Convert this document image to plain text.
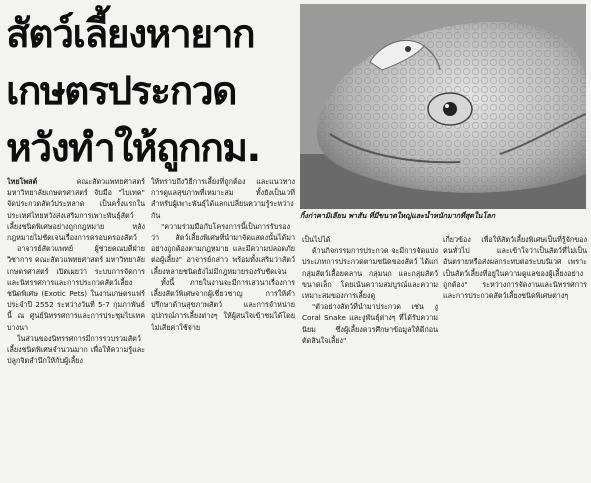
สัตว์เลี้ยงหายาก
เกษตรประกวด
หวังทำให้ถูกกม.

กิ้งก่าคามิเลียน พาสัน ที่มีขนาดใหญ่และน้ำหนักมากที่สุดในโลก

ไทยโพสต์	คณะสัตวแพทยศาสตร์ มหาวิทยาลัยเกษตรศาสตร์ จับมือ "ไบเทค" จัดประกวดสัตว์ประหลาด เป็นครั้งแรกในประเทศไทยหวังส่งเสริมการเพาะพันธุ์สัตว์เลี้ยงชนิดพิเศษอย่างถูกกฎหมาย หลังกฎหมายไม่ชัดเจนเรื่องการครอบครองสัตว์

อาจารย์สัตวแพทย์ ผู้ช่วยคณบดีฝ่ายวิชาการ คณะสัตวแพทยศาสตร์ มหาวิทยาลัยเกษตรศาสตร์ เปิดเผยว่า ระบบการจัดการและนิทรรศการและการประกวดสัตว์เลี้ยงชนิดพิเศษ (Exotic Pets) ในงานเกษตรแฟร์ประจำปี 2552 ระหว่างวันที่ 5-7 กุมภาพันธ์นี้ ณ ศูนย์นิทรรศการและการประชุมไบเทค บางนา

ในส่วนของนิทรรศการมีการรวบรวมสัตว์เลี้ยงชนิดพิเศษจำนวนมาก เพื่อให้ความรู้และปลูกจิตสำนึกให้กับผู้เลี้ยง

ให้ทราบถึงวิธีการเลี้ยงที่ถูกต้อง และแนวทางการดูแลสุขภาพที่เหมาะสม ทั้งยังเป็นเวทีสำหรับผู้เพาะพันธุ์ได้แลกเปลี่ยนความรู้ระหว่างกัน

"ความร่วมมือกับโครงการนี้เป็นการรับรองว่า สัตว์เลี้ยงพิเศษที่นำมาจัดแสดงนั้นได้มาอย่างถูกต้องตามกฎหมาย และมีความปลอดภัยต่อผู้เลี้ยง" อาจารย์กล่าว พร้อมทั้งเสริมว่าสัตว์เลี้ยงหลายชนิดยังไม่มีกฎหมายรองรับชัดเจน

ทั้งนี้ ภายในงานจะมีการเสวนาเรื่องการเลี้ยงสัตว์พิเศษจากผู้เชี่ยวชาญ การให้คำปรึกษาด้านสุขภาพสัตว์ และการจำหน่ายอุปกรณ์การเลี้ยงต่างๆ ให้ผู้สนใจเข้าชมได้โดยไม่เสียค่าใช้จ่าย

เป็นไปได้

ด้านกิจกรรมการประกวด จะมีการจัดแบ่งประเภทการประกวดตามชนิดของสัตว์ ได้แก่ กลุ่มสัตว์เลื้อยคลาน กลุ่มนก และกลุ่มสัตว์ขนาดเล็ก โดยเน้นความสมบูรณ์และความเหมาะสมของการเลี้ยงดู

"ตัวอย่างสัตว์ที่นำมาประกวด เช่น งู Coral Snake และงูพันธุ์ต่างๆ ที่ได้รับความนิยม ซึ่งผู้เลี้ยงควรศึกษาข้อมูลให้ดีก่อนตัดสินใจเลี้ยง"

เกี่ยวข้อง เพื่อให้สัตว์เลี้ยงพิเศษเป็นที่รู้จักของคนทั่วไป และเข้าใจว่าเป็นสัตว์ที่ไม่เป็นอันตรายหรือส่งผลกระทบต่อระบบนิเวศ เพราะเป็นสัตว์เลี้ยงที่อยู่ในความดูแลของผู้เลี้ยงอย่างถูกต้อง" ระหว่างการจัดงานและนิทรรศการและการประกวดสัตว์เลี้ยงชนิดพิเศษต่างๆ
